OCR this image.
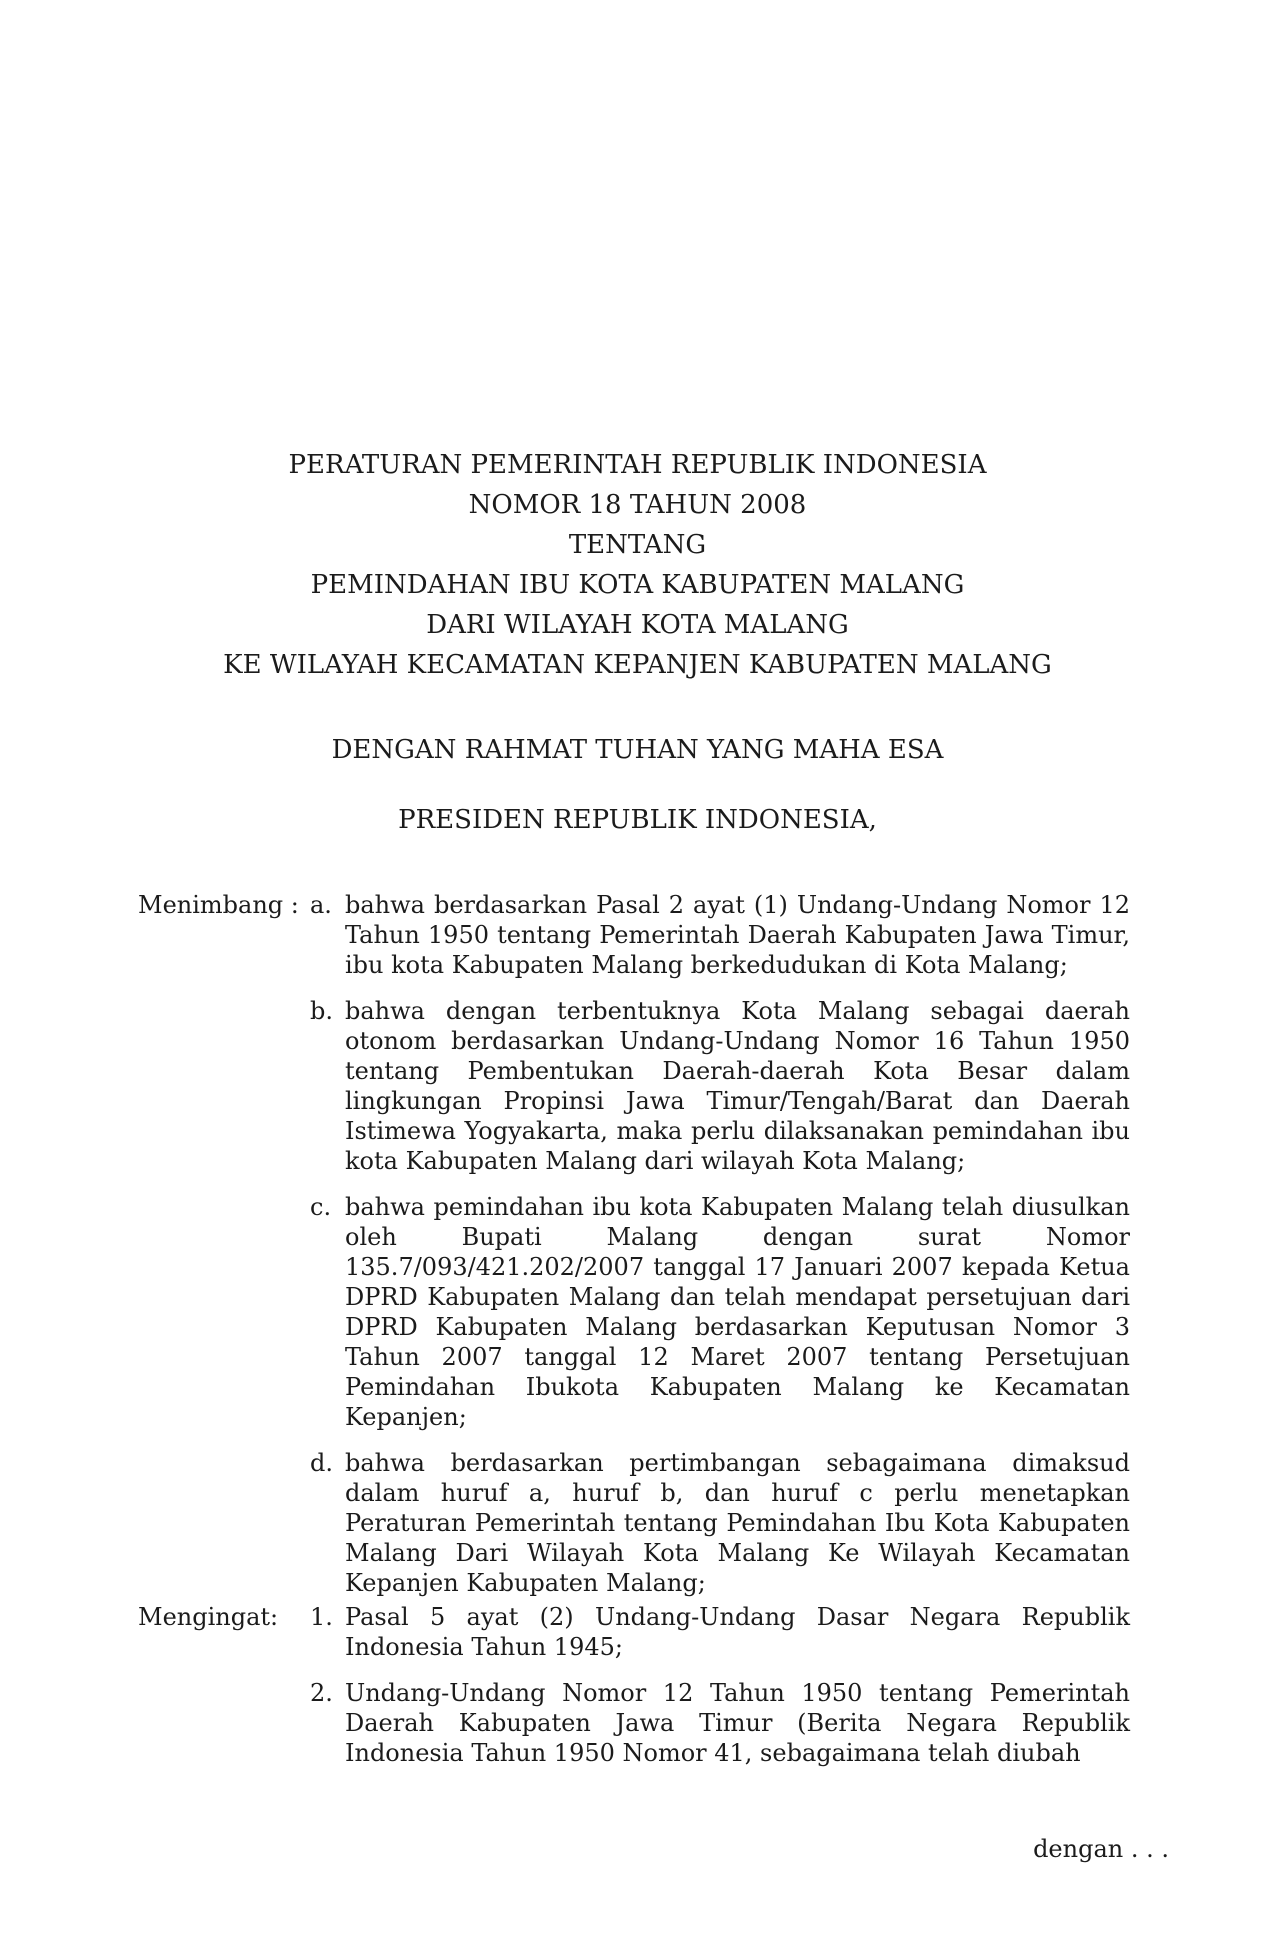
PERATURAN PEMERINTAH REPUBLIK INDONESIA
NOMOR 18 TAHUN 2008
TENTANG
PEMINDAHAN IBU KOTA KABUPATEN MALANG
DARI WILAYAH KOTA MALANG
KE WILAYAH KECAMATAN KEPANJEN KABUPATEN MALANG
DENGAN RAHMAT TUHAN YANG MAHA ESA
PRESIDEN REPUBLIK INDONESIA,
Menimbang : a. bahwa berdasarkan Pasal 2 ayat (1) Undang-Undang Nomor 12 Tahun 1950 tentang Pemerintah Daerah Kabupaten Jawa Timur, ibu kota Kabupaten Malang berkedudukan di Kota Malang;
b. bahwa dengan terbentuknya Kota Malang sebagai daerah otonom berdasarkan Undang-Undang Nomor 16 Tahun 1950 tentang Pembentukan Daerah-daerah Kota Besar dalam lingkungan Propinsi Jawa Timur/Tengah/Barat dan Daerah Istimewa Yogyakarta, maka perlu dilaksanakan pemindahan ibu kota Kabupaten Malang dari wilayah Kota Malang;
c. bahwa pemindahan ibu kota Kabupaten Malang telah diusulkan oleh Bupati Malang dengan surat Nomor 135.7/093/421.202/2007 tanggal 17 Januari 2007 kepada Ketua DPRD Kabupaten Malang dan telah mendapat persetujuan dari DPRD Kabupaten Malang berdasarkan Keputusan Nomor 3 Tahun 2007 tanggal 12 Maret 2007 tentang Persetujuan Pemindahan Ibukota Kabupaten Malang ke Kecamatan Kepanjen;
d. bahwa berdasarkan pertimbangan sebagaimana dimaksud dalam huruf a, huruf b, dan huruf c perlu menetapkan Peraturan Pemerintah tentang Pemindahan Ibu Kota Kabupaten Malang Dari Wilayah Kota Malang Ke Wilayah Kecamatan Kepanjen Kabupaten Malang;
Mengingat:	1. Pasal 5 ayat (2) Undang-Undang Dasar Negara Republik Indonesia Tahun 1945;
2. Undang-Undang Nomor 12 Tahun 1950 tentang Pemerintah Daerah Kabupaten Jawa Timur (Berita Negara Republik Indonesia Tahun 1950 Nomor 41, sebagaimana telah diubah
dengan . . .
